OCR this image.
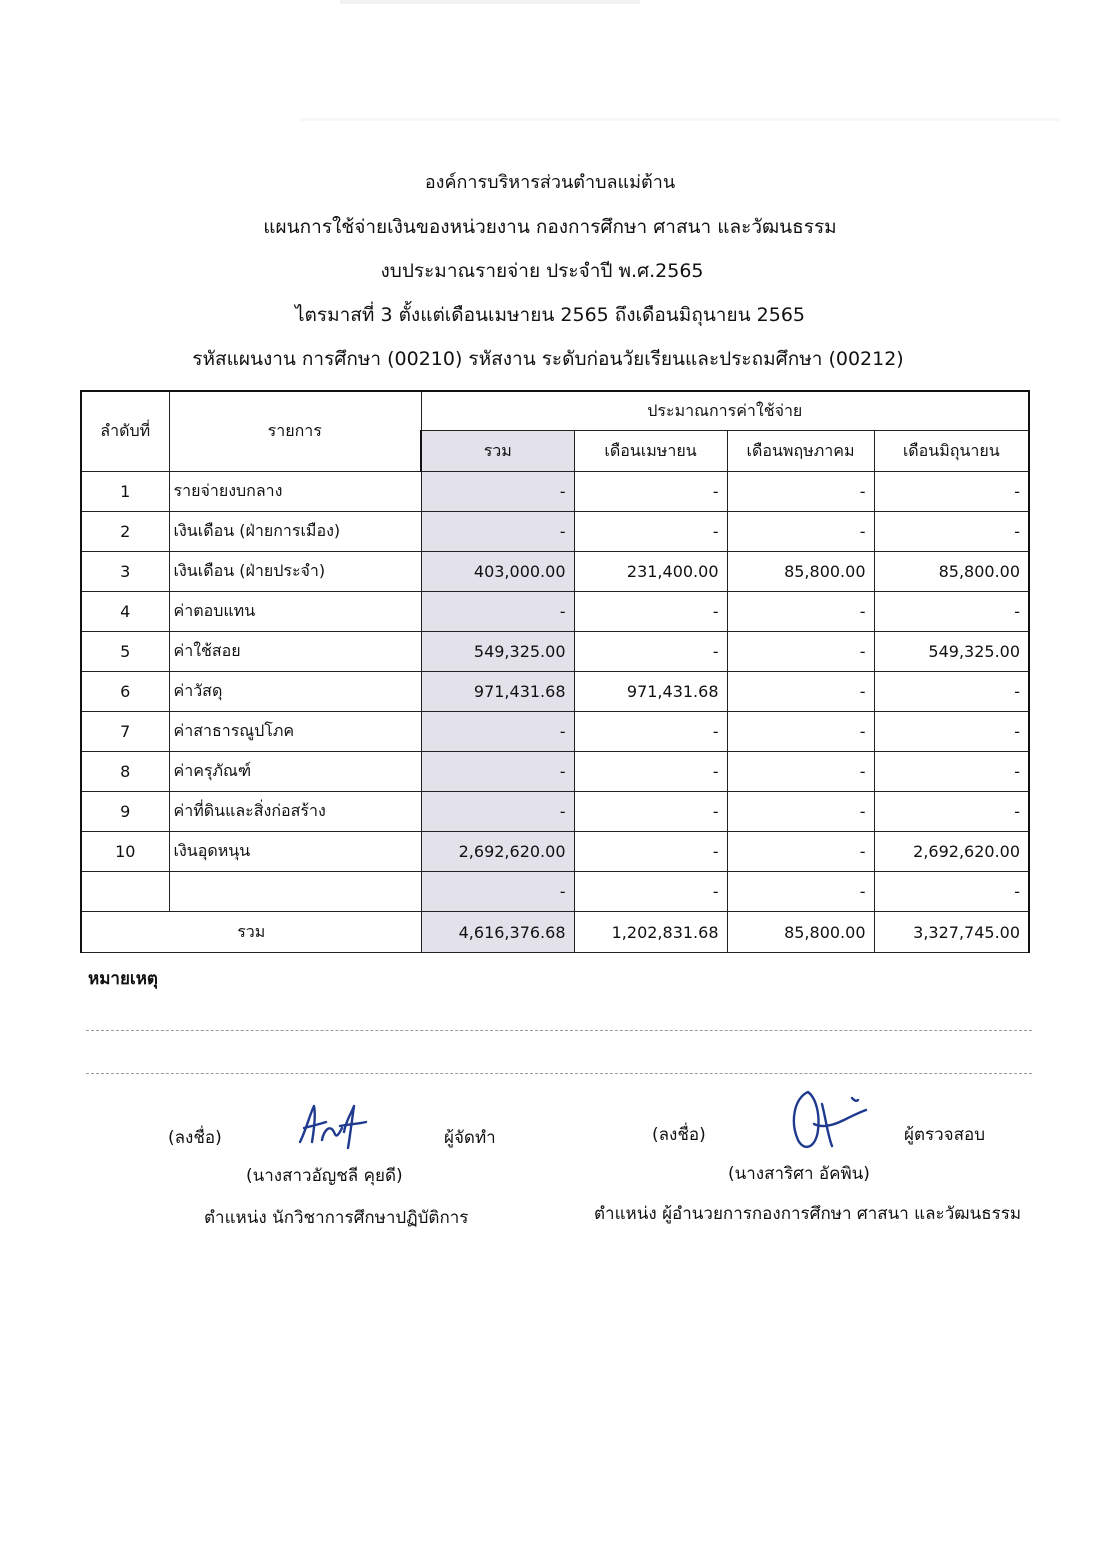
องค์การบริหารส่วนตำบลแม่ต้าน
แผนการใช้จ่ายเงินของหน่วยงาน กองการศึกษา ศาสนา และวัฒนธรรม
งบประมาณรายจ่าย ประจำปี พ.ศ.2565
ไตรมาสที่ 3 ตั้งแต่เดือนเมษายน 2565 ถึงเดือนมิถุนายน 2565
รหัสแผนงาน การศึกษา (00210) รหัสงาน ระดับก่อนวัยเรียนและประถมศึกษา (00212)
ลำดับที่	รายการ	ประมาณการค่าใช้จ่าย			
		รวม	เดือนเมษายน	เดือนพฤษภาคม	เดือนมิถุนายน
1	รายจ่ายงบกลาง	-	-	-	-
2	เงินเดือน (ฝ่ายการเมือง)	-	-	-	-
3	เงินเดือน (ฝ่ายประจำ)	403,000.00	231,400.00	85,800.00	85,800.00
4	ค่าตอบแทน	-	-	-	-
5	ค่าใช้สอย	549,325.00	-	-	549,325.00
6	ค่าวัสดุ	971,431.68	971,431.68	-	-
7	ค่าสาธารณูปโภค	-	-	-	-
8	ค่าครุภัณฑ์	-	-	-	-
9	ค่าที่ดินและสิ่งก่อสร้าง	-	-	-	-
10	เงินอุดหนุน	2,692,620.00	-	-	2,692,620.00
		-	-	-	-
รวม		4,616,376.68	1,202,831.68	85,800.00	3,327,745.00
หมายเหตุ
(ลงชื่อ)	ผู้จัดทำ
(นางสาวอัญชลี คุยดี)
ตำแหน่ง นักวิชาการศึกษาปฏิบัติการ
(ลงชื่อ)	ผู้ตรวจสอบ
(นางสาริศา อัคพิน)
ตำแหน่ง ผู้อำนวยการกองการศึกษา ศาสนา และวัฒนธรรม
